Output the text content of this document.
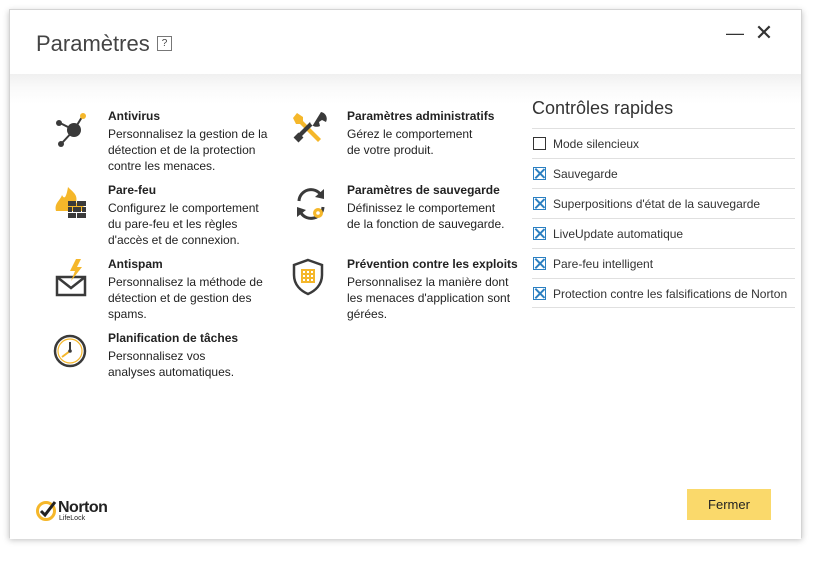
Paramètres	?
— ✕
Antivirus
Personnalisez la gestion de la
détection et de la protection
contre les menaces.
Pare-feu
Configurez le comportement
du pare-feu et les règles
d'accès et de connexion.
Antispam
Personnalisez la méthode de
détection et de gestion des
spams.
Planification de tâches
Personnalisez vos
analyses automatiques.
Paramètres administratifs
Gérez le comportement
de votre produit.
Paramètres de sauvegarde
Définissez le comportement
de la fonction de sauvegarde.
Prévention contre les exploits
Personnalisez la manière dont
les menaces d'application sont
gérées.
Contrôles rapides
Mode silencieux
Sauvegarde
Superpositions d'état de la sauvegarde
LiveUpdate automatique
Pare-feu intelligent
Protection contre les falsifications de Norton
Norton
LifeLock
Fermer
